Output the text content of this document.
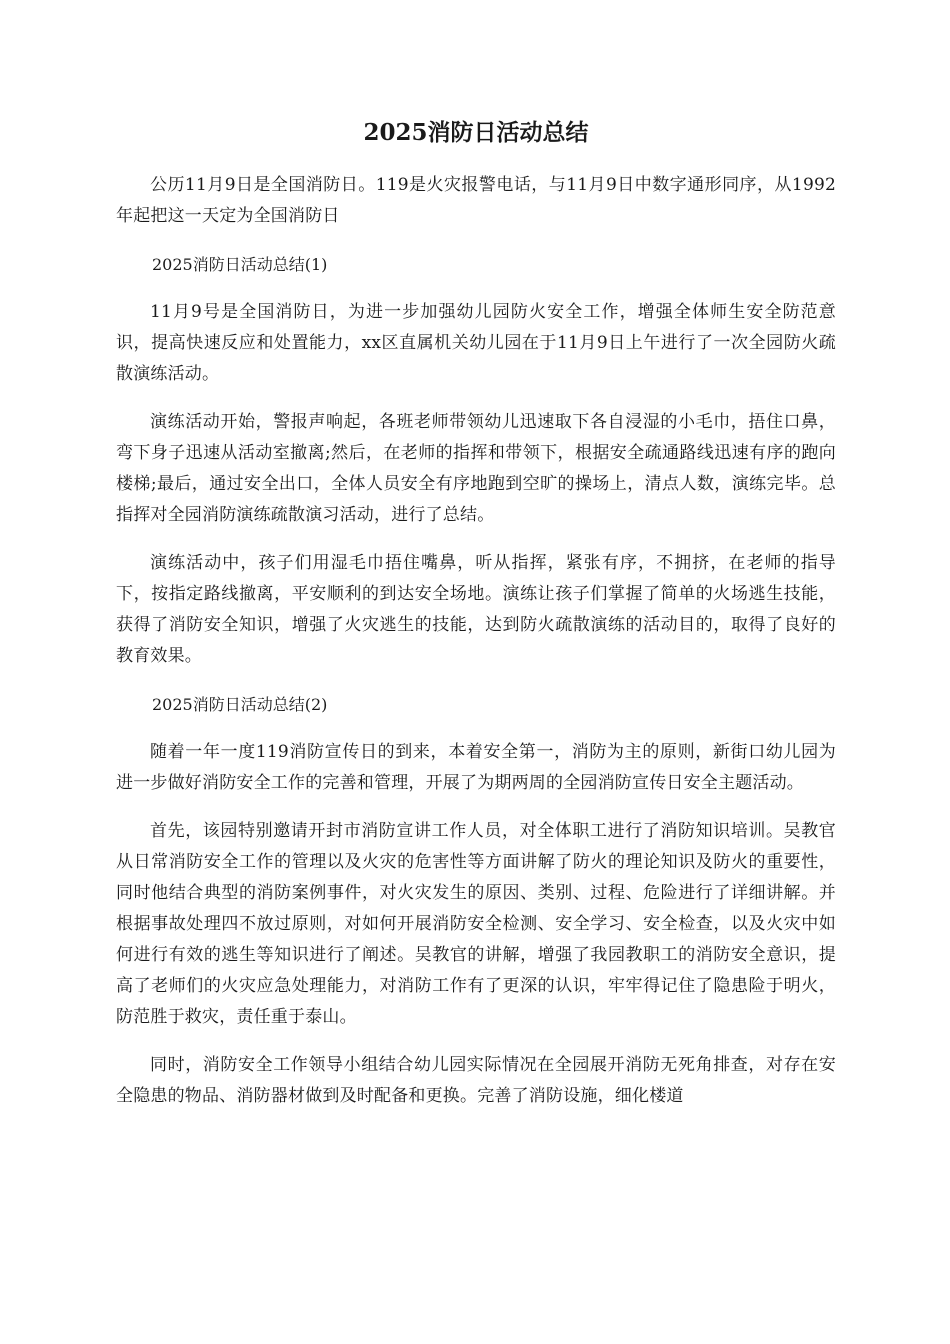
2025消防日活动总结

公历11月9日是全国消防日。119是火灾报警电话，与11月9日中数字通形同序，从1992年起把这一天定为全国消防日

2025消防日活动总结(1)

11月9号是全国消防日，为进一步加强幼儿园防火安全工作，增强全体师生安全防范意识，提高快速反应和处置能力，xx区直属机关幼儿园在于11月9日上午进行了一次全园防火疏散演练活动。

演练活动开始，警报声响起，各班老师带领幼儿迅速取下各自浸湿的小毛巾，捂住口鼻，弯下身子迅速从活动室撤离;然后，在老师的指挥和带领下，根据安全疏通路线迅速有序的跑向楼梯;最后，通过安全出口，全体人员安全有序地跑到空旷的操场上，清点人数，演练完毕。总指挥对全园消防演练疏散演习活动，进行了总结。

演练活动中，孩子们用湿毛巾捂住嘴鼻，听从指挥，紧张有序，不拥挤，在老师的指导下，按指定路线撤离，平安顺利的到达安全场地。演练让孩子们掌握了简单的火场逃生技能，获得了消防安全知识，增强了火灾逃生的技能，达到防火疏散演练的活动目的，取得了良好的教育效果。

2025消防日活动总结(2)

随着一年一度119消防宣传日的到来，本着安全第一，消防为主的原则，新街口幼儿园为进一步做好消防安全工作的完善和管理，开展了为期两周的全园消防宣传日安全主题活动。

首先，该园特别邀请开封市消防宣讲工作人员，对全体职工进行了消防知识培训。吴教官从日常消防安全工作的管理以及火灾的危害性等方面讲解了防火的理论知识及防火的重要性，同时他结合典型的消防案例事件，对火灾发生的原因、类别、过程、危险进行了详细讲解。并根据事故处理四不放过原则，对如何开展消防安全检测、安全学习、安全检查，以及火灾中如何进行有效的逃生等知识进行了阐述。吴教官的讲解，增强了我园教职工的消防安全意识，提高了老师们的火灾应急处理能力，对消防工作有了更深的认识，牢牢得记住了隐患险于明火，防范胜于救灾，责任重于泰山。

同时，消防安全工作领导小组结合幼儿园实际情况在全园展开消防无死角排查，对存在安全隐患的物品、消防器材做到及时配备和更换。完善了消防设施，细化楼道
